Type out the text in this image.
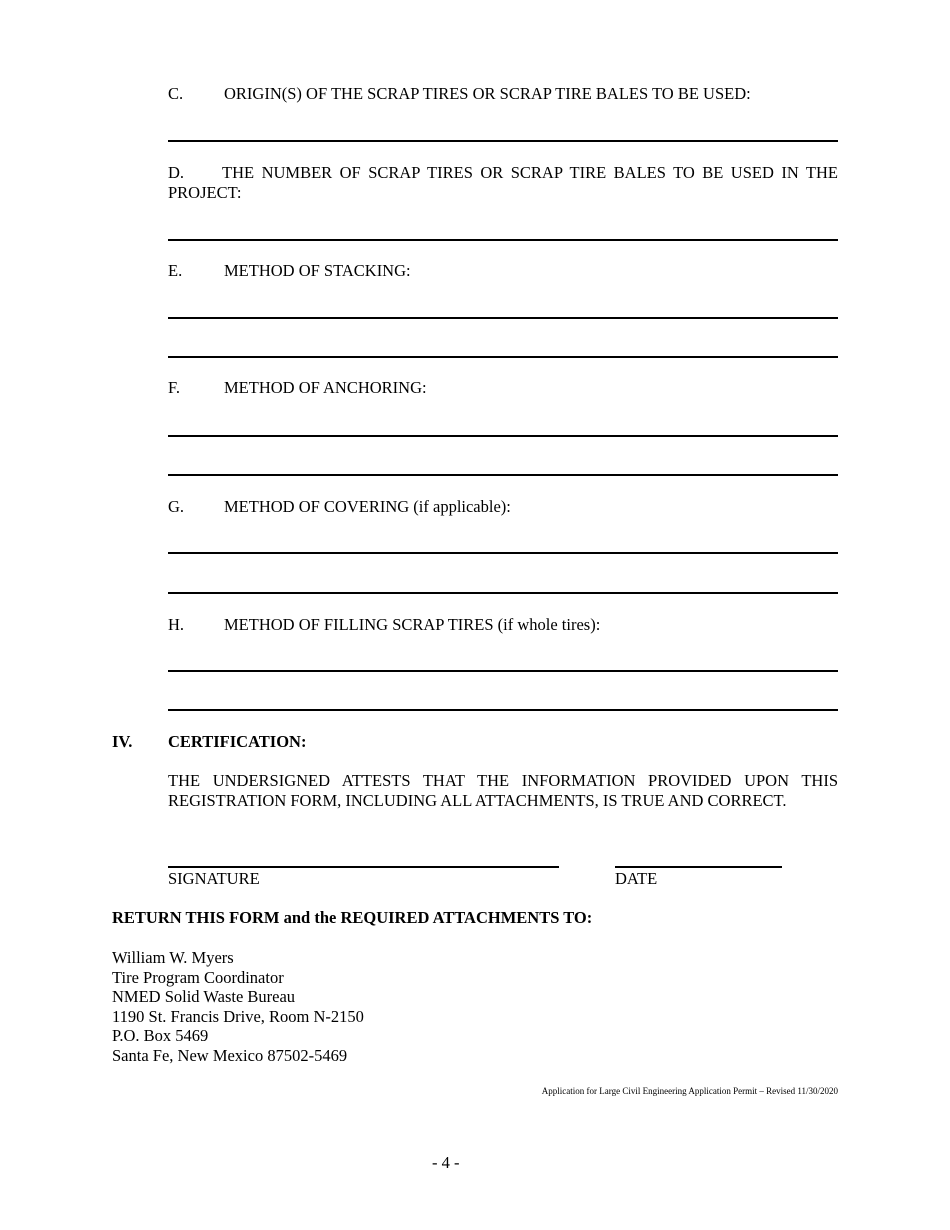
C. ORIGIN(S) OF THE SCRAP TIRES OR SCRAP TIRE BALES TO BE USED:
D. THE NUMBER OF SCRAP TIRES OR SCRAP TIRE BALES TO BE USED IN THE
PROJECT:
E.	METHOD OF STACKING:
F.	METHOD OF ANCHORING:
G. METHOD OF COVERING (if applicable):
H. METHOD OF FILLING SCRAP TIRES (if whole tires):
IV. CERTIFICATION:
THE UNDERSIGNED ATTESTS THAT THE INFORMATION PROVIDED UPON THIS
REGISTRATION FORM, INCLUDING ALL ATTACHMENTS, IS TRUE AND CORRECT.
SIGNATURE	DATE
RETURN THIS FORM and the REQUIRED ATTACHMENTS TO:
William W. Myers
Tire Program Coordinator
NMED Solid Waste Bureau
1190 St. Francis Drive, Room N-2150
P.O. Box 5469
Santa Fe, New Mexico 87502-5469
Application for Large Civil Engineering Application Permit – Revised 11/30/2020
- 4 -
